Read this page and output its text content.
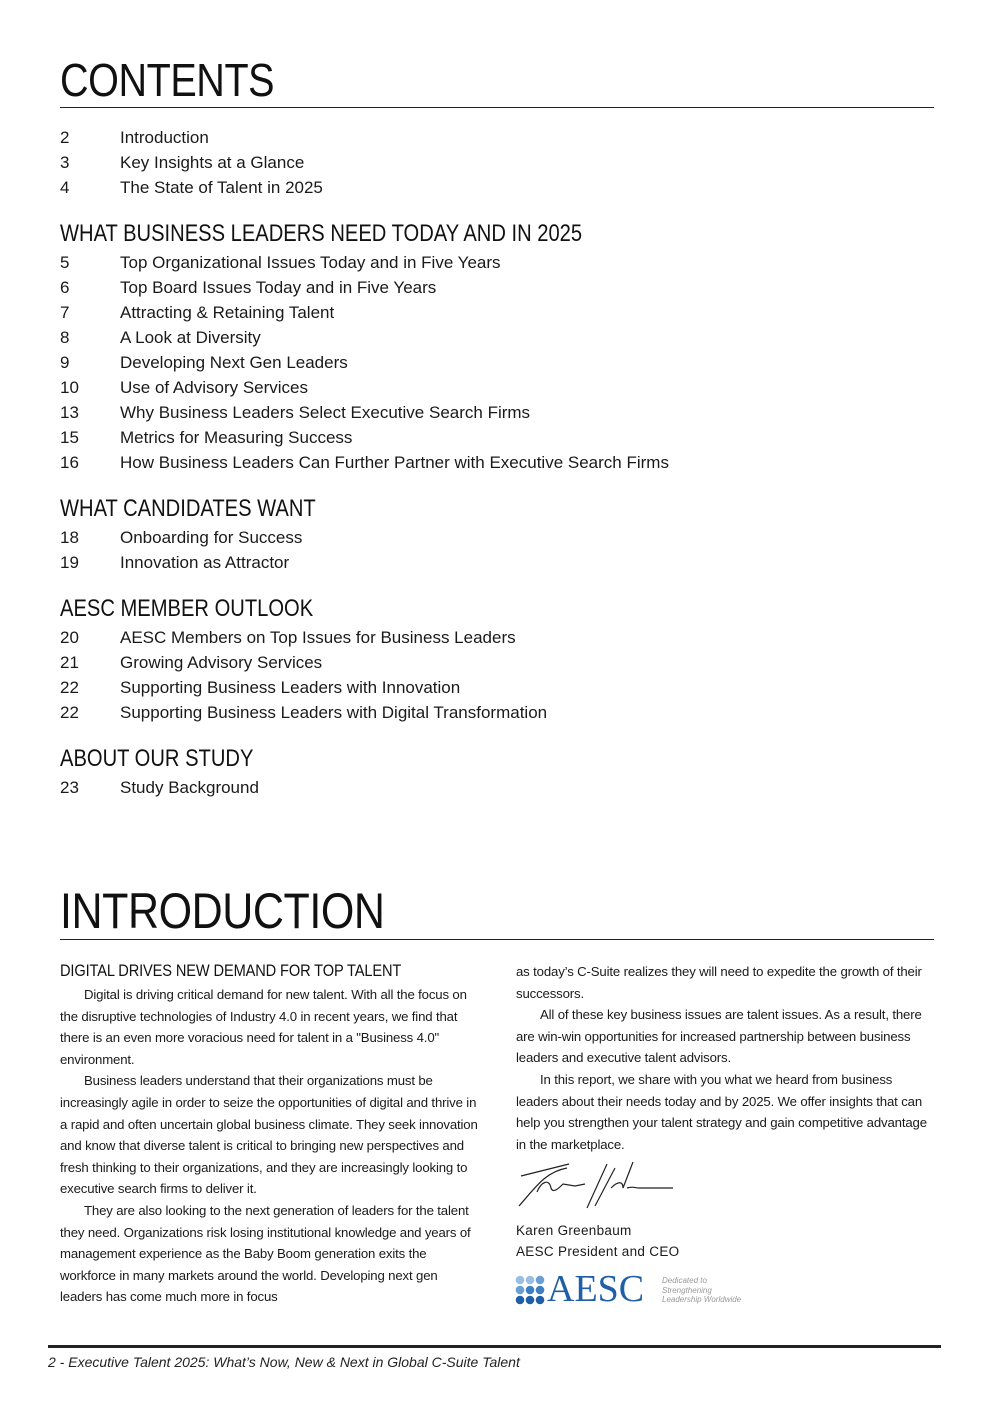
CONTENTS
2	Introduction
3	Key Insights at a Glance
4	The State of Talent in 2025
WHAT BUSINESS LEADERS NEED TODAY AND IN 2025
5	Top Organizational Issues Today and in Five Years
6	Top Board Issues Today and in Five Years
7	Attracting & Retaining Talent
8	A Look at Diversity
9	Developing Next Gen Leaders
10 Use of Advisory Services
13 Why Business Leaders Select Executive Search Firms
15 Metrics for Measuring Success
16 How Business Leaders Can Further Partner with Executive Search Firms
WHAT CANDIDATES WANT
18 Onboarding for Success
19 Innovation as Attractor
AESC MEMBER OUTLOOK
20 AESC Members on Top Issues for Business Leaders
21 Growing Advisory Services
22 Supporting Business Leaders with Innovation
22 Supporting Business Leaders with Digital Transformation
ABOUT OUR STUDY
23 Study Background
INTRODUCTION
DIGITAL DRIVES NEW DEMAND FOR TOP TALENT

Digital is driving critical demand for new talent. With all the focus on the disruptive technologies of Industry 4.0 in recent years, we find that there is an even more voracious need for talent in a "Business 4.0" environment.

Business leaders understand that their organizations must be increasingly agile in order to seize the opportunities of digital and thrive in a rapid and often uncertain global business climate. They seek innovation and know that diverse talent is critical to bringing new perspectives and fresh thinking to their organizations, and they are increasingly looking to executive search firms to deliver it.

They are also looking to the next generation of leaders for the talent they need. Organizations risk losing institutional knowledge and years of management experience as the Baby Boom generation exits the workforce in many markets around the world. Developing next gen leaders has come much more in focus

as today’s C-Suite realizes they will need to expedite the growth of their successors.

All of these key business issues are talent issues. As a result, there are win-win opportunities for increased partnership between business leaders and executive talent advisors.

In this report, we share with you what we heard from business leaders about their needs today and by 2025. We offer insights that can help you strengthen your talent strategy and gain competitive advantage in the marketplace.

Karen Greenbaum
AESC President and CEO
AESC Dedicated to
Strengthening
Leadership Worldwide
2 - Executive Talent 2025: What’s Now, New & Next in Global C-Suite Talent
